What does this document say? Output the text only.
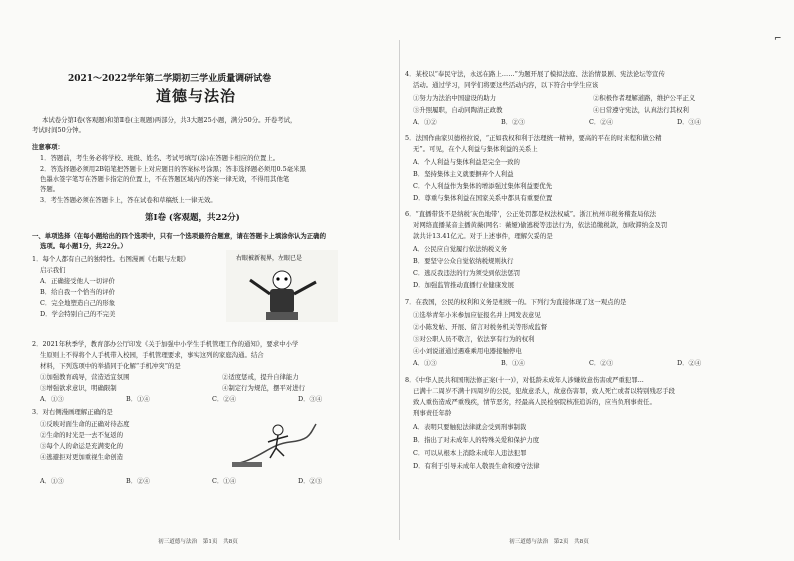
⌐
2021～2022学年第二学期初三学业质量调研试卷
道德与法治
本试卷分第Ⅰ卷(客观题)和第Ⅱ卷(主观题)两部分，共3大题25小题，满分50分。开卷考试，
考试时间50分钟。
注意事项：
1．答题前，考生务必将学校、班级、姓名、考试号填写(涂)在答题卡相应的位置上。
2．答选择题必须用2B铅笔把答题卡上对应题目的答案标号涂黑；答非选择题必须用0.5毫米黑
色墨水签字笔写在答题卡指定的位置上，不在答题区域内的答案一律无效，不得用其他笔
答题。
3．考生答题必须在答题卡上，答在试卷和草稿纸上一律无效。
第Ⅰ卷 (客观题，共22分)
一、单项选择（在每小题给出的四个选项中，只有一个选项最符合题意，请在答题卡上填涂你认为正确的
选项。每小题1分，共22分。）
1．每个人都有自己的独特性。右图漫画《右眼与左眼》
启示我们
A．正确接受他人一切评价
B．给自我一个恰当的评价
C．完全地塑造自己的形象
D．学会特别自己的不完美
右眼被新视界，左眼已是
2．2021年秋季学，教育部办公厅印发《关于加强中小学生手机管理工作的通知》，要求中小学
生原则上不得将个人手机带入校园，手机管理要求，事实这列的家庭沟通。结合
材料，下列选项中的举措同于化解“手机冲突”的是
①加强教育疏导，营造适宜氛围	②适度惩戒，提升自律能力
③增强欲求意识，明确限制	④制定行为规范，摆平对进行
A．①③	B．①④	C．②④	D．③④
3．对右侧漫画理解正确的是
①反映对面生命的正确对待态度
②生命的时光是一去不复返的
③每个人的命运是充满变化的
④逃避拒对更加重视生命创造
A．①③	B．②④	C．①④	D．②③
初三道德与法治　第1页　共8页
4．某校以“奉民守法，永远在路上……”为题开展了模拟法庭、法治情景剧、宪法论坛等宣传
活动。通过学习，同学们将要这些活动内容，以下符合中学生应该
①努力为法治中国建设的助力	②积极作者理解道路，维护公平正义
③升照履职，自动同陶清正政教	④日常遵守宪法，认真法行其权利
A．①②	B．②③	C．②④	D．③④
5．法国作曲家贝德格拉说，“正如我权和利于法理统一精神，要高的平在的时来程和做公精
无”。可见，在个人利益与集体利益的关系上
A．个人利益与集体利益是完全一致的
B．坚持集体主义就要摒弃个人利益
C．个人利益作为集体的增添强过集体利益要优先
D．尊重与集体利益在国家关系中都具有重要位置
6．“直播带货不是纳税‘灰色地带’，公正处罚都是权法权威”。浙江杭州市税务稽查局依法
对网络直播某音主播黄薇(网名：薇娅)偷逃税等违法行为，依法追缴税款，加收滞纳金及罚
款共计13.41亿元。对于上述事件，理解欠妥的是
A．公民应自觉履行依法纳税义务
B．要坚守公众自觉依纳税规则执行
C．逃反我违法的行为须受到依法惩罚
D．加强监管推动直播行业健康发展
7．在我国，公民的权利和义务是相统一的。下列行为直接体现了这一观点的是
①选举青年小米参加应征报名并上网发表意见
②小陈发帖、开展、留言对税务机关等形成监督
③对公职人员不敬言，依法享有行为的权利
④小刘说道通过遇难乘用电器接触停电
A．①③	B．①④	C．②③	D．②④
8．《中华人民共和国刑法修正案(十一)》，对低龄未成年人涉嫌故意伤害或严重犯罪...
已满十二周岁不满十四周岁的公民，犯故意杀人，故意伤害罪，致人死亡或者以特别残忍手段
致人重伤造成严重残疾，情节恶劣，经最高人民检察院核准追诉的，应当负刑事责任。
刑事责任年龄
A．表明只要触犯法律就会受到刑事制裁
B．指出了对未成年人的特殊关爱和保护力度
C．可以从根本上消除未成年人违法犯罪
D．有利于引导未成年人敬畏生命和遵守法律
初三道德与法治　第2页　共8页
